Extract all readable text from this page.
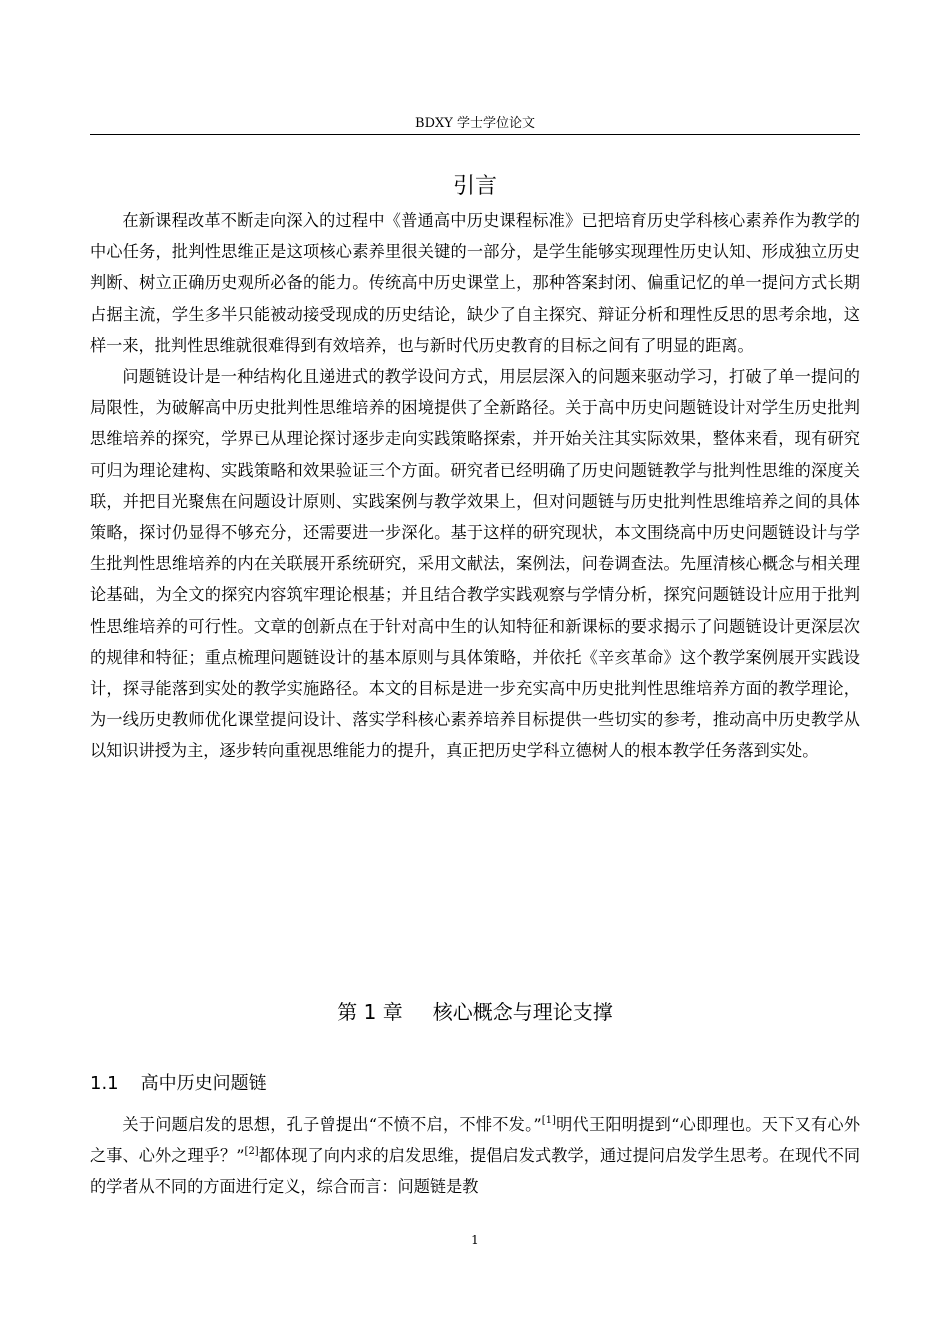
BDXY 学士学位论文
引言

在新课程改革不断走向深入的过程中《普通高中历史课程标准》已把培育历史学科核心素养作为教学的中心任务，批判性思维正是这项核心素养里很关键的一部分，是学生能够实现理性历史认知、形成独立历史判断、树立正确历史观所必备的能力。传统高中历史课堂上，那种答案封闭、偏重记忆的单一提问方式长期占据主流，学生多半只能被动接受现成的历史结论，缺少了自主探究、辩证分析和理性反思的思考余地，这样一来，批判性思维就很难得到有效培养，也与新时代历史教育的目标之间有了明显的距离。

问题链设计是一种结构化且递进式的教学设问方式，用层层深入的问题来驱动学习，打破了单一提问的局限性，为破解高中历史批判性思维培养的困境提供了全新路径。关于高中历史问题链设计对学生历史批判思维培养的探究，学界已从理论探讨逐步走向实践策略探索，并开始关注其实际效果，整体来看，现有研究可归为理论建构、实践策略和效果验证三个方面。研究者已经明确了历史问题链教学与批判性思维的深度关联，并把目光聚焦在问题设计原则、实践案例与教学效果上，但对问题链与历史批判性思维培养之间的具体策略，探讨仍显得不够充分，还需要进一步深化。基于这样的研究现状，本文围绕高中历史问题链设计与学生批判性思维培养的内在关联展开系统研究，采用文献法，案例法，问卷调查法。先厘清核心概念与相关理论基础，为全文的探究内容筑牢理论根基；并且结合教学实践观察与学情分析，探究问题链设计应用于批判性思维培养的可行性。文章的创新点在于针对高中生的认知特征和新课标的要求揭示了问题链设计更深层次的规律和特征；重点梳理问题链设计的基本原则与具体策略，并依托《辛亥革命》这个教学案例展开实践设计，探寻能落到实处的教学实施路径。本文的目标是进一步充实高中历史批判性思维培养方面的教学理论，为一线历史教师优化课堂提问设计、落实学科核心素养培养目标提供一些切实的参考，推动高中历史教学从以知识讲授为主，逐步转向重视思维能力的提升，真正把历史学科立德树人的根本教学任务落到实处。

第 1 章 核心概念与理论支撑
1.1 高中历史问题链

关于问题启发的思想，孔子曾提出“不愤不启，不悱不发。”[1]明代王阳明提到“心即理也。天下又有心外之事、心外之理乎？”[2]都体现了向内求的启发思维，提倡启发式教学，通过提问启发学生思考。在现代不同的学者从不同的方面进行定义，综合而言：问题链是教

1
